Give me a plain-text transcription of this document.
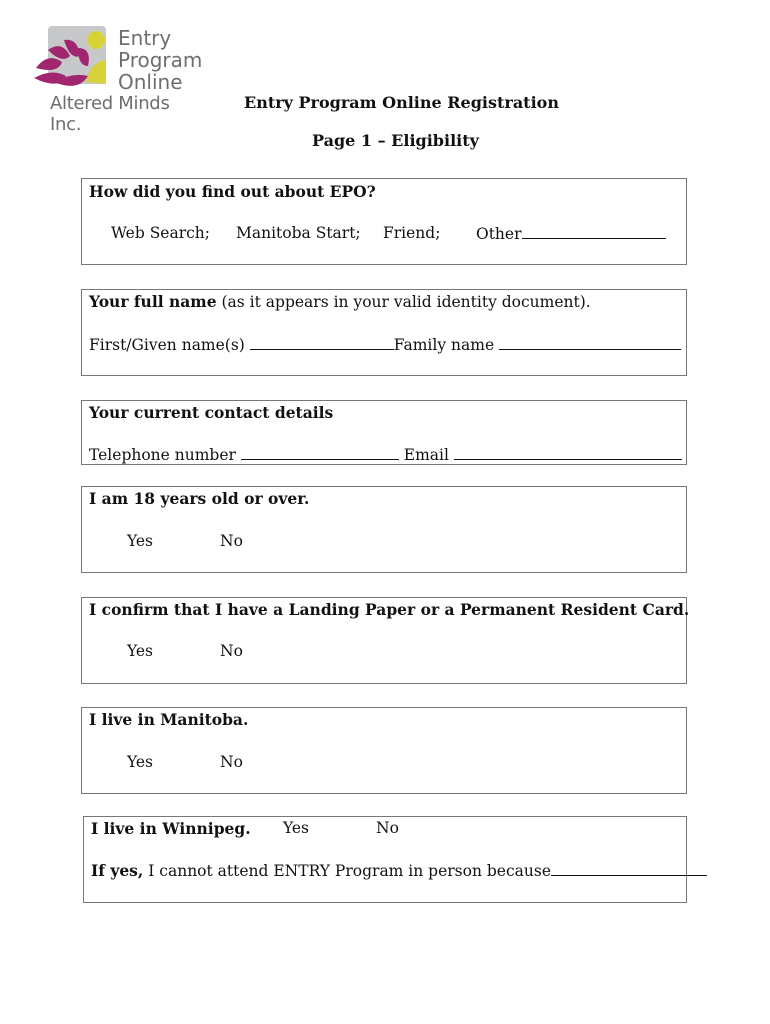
Entry
Program
Online
Altered Minds Inc.
Entry Program Online Registration
Page 1 – Eligibility
How did you find out about EPO?
Web Search; Manitoba Start; Friend; Other
Your full name (as it appears in your valid identity document).
First/Given name(s)	Family name
Your current contact details
Telephone number	Email
I am 18 years old or over.
Yes	No
I confirm that I have a Landing Paper or a Permanent Resident Card.
Yes	No
I live in Manitoba.
Yes	No
I live in Winnipeg. Yes	No
If yes, I cannot attend ENTRY Program in person because
